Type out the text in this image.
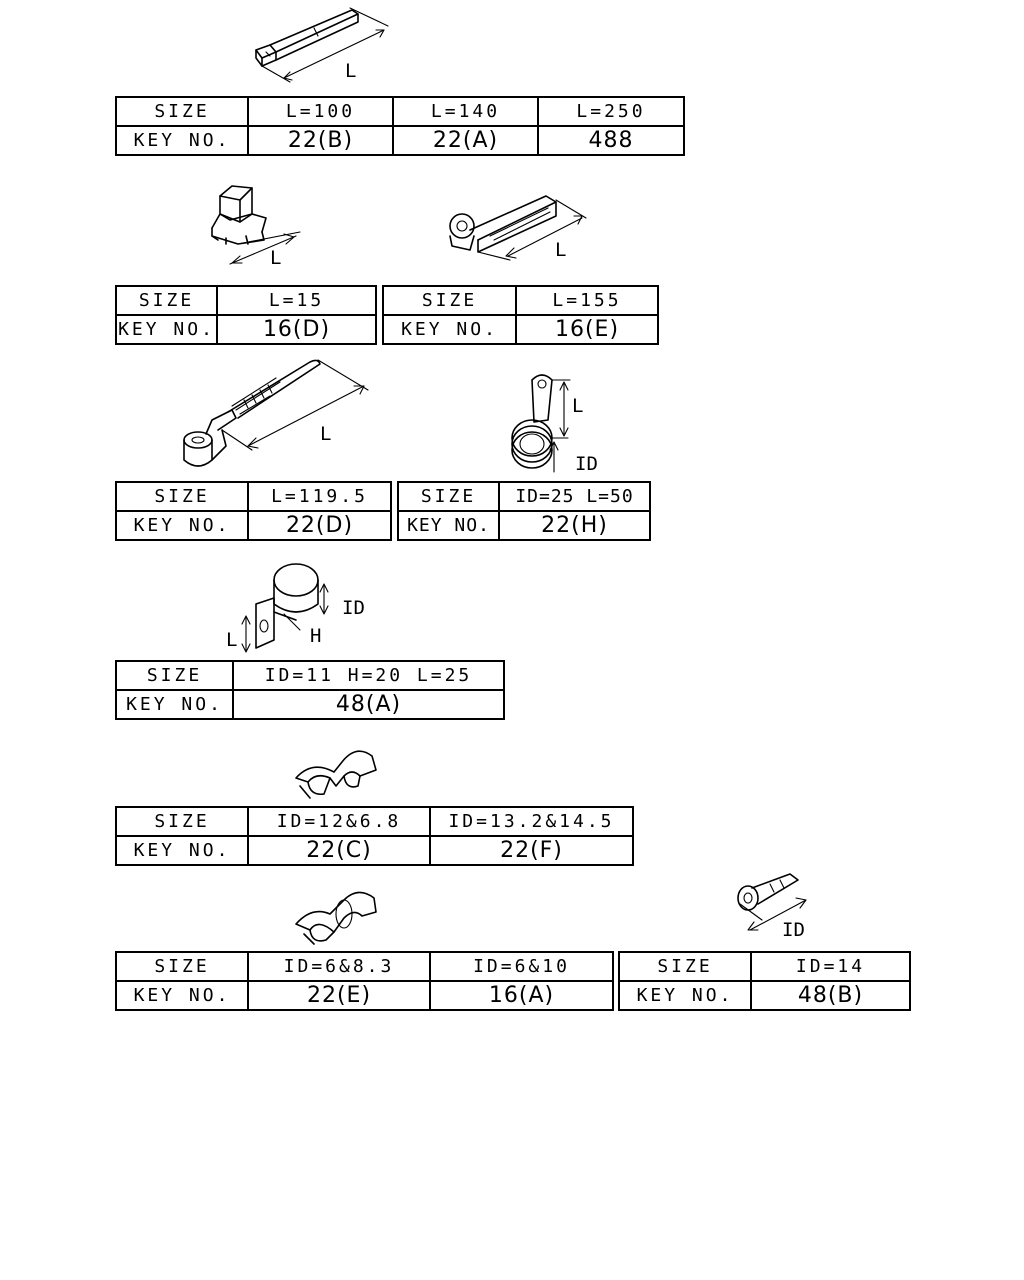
L
L	L
L
L
ID
L
ID
H
ID
SIZE	L=100	L=140	L=250
KEY NO.	22(B)	22(A)	488
SIZE	L=15
KEY NO.	16(D)
SIZE	L=155
KEY NO.	16(E)
SIZE	L=119.5
KEY NO.	22(D)
SIZE	ID=25 L=50
KEY NO.	22(H)
SIZE	ID=11 H=20 L=25
KEY NO.	48(A)
SIZE	ID=12&6.8	ID=13.2&14.5
KEY NO.	22(C)	22(F)
SIZE	ID=6&8.3	ID=6&10
KEY NO.	22(E)	16(A)
SIZE	ID=14
KEY NO.	48(B)
